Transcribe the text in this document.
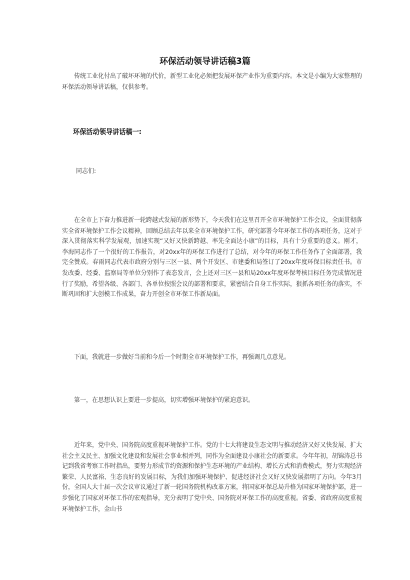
环保活动领导讲话稿3篇

传统工业化付出了破坏环境的代价，新型工业化必须把发展环保产业作为重要内容。本文是小编为大家整理的环保活动领导讲话稿，仅供参考。

环保活动领导讲话稿一:

同志们:

在全市上下奋力推进新一轮跨越式发展的新形势下，今天我们在这里召开全市环境保护工作会议，全面贯彻落实全省环境保护工作会议精神，回顾总结去年以来全市环境保护工作，研究部署今年环保工作的各项任务，这对于深入贯彻落实科学发展观，加速实现“又好又快新跨越、率先全面达小康”的目标，具有十分重要的意义。刚才，李海同志作了一个很好的工作报告，对20xx年的环保工作进行了总结，对今年的环保工作任务作了全面部署，我完全赞成。春雨同志代表市政府分别与三区一县、两个开发区、市建委和局签订了20xx年度环保目标责任书。市发改委、经委、监察局等单位分别作了表态发言，会上还对三区一县和局20xx年度环保考核目标任务完成情况进行了奖励，希望各级、各部门、各单位按照会议的部署和要求，紧密结合自身工作实际，狠抓各项任务的落实，不断巩固和扩大创模工作成果，奋力开创全市环保工作新局面。

下面，我就进一步做好当前和今后一个时期全市环境保护工作，再强调几点意见。

第一，在思想认识上要进一步提高，切实增强环境保护的紧迫意识。

近年来，党中央、国务院高度重视环境保护工作。党的十七大将建设生态文明与推动经济又好又快发展、扩大社会主义民主、加强文化建设和发展社会事业相并列，同作为全面建设小康社会的新要求。今年年初，胡锦涛总书记到我省考察工作时指出，要努力形成节约资源和保护生态环境的产业结构、增长方式和消费模式，努力实现经济繁荣、人民富裕、生态良好的发展目标，为我们加强环境保护、促进经济社会又好又快发展指明了方向。今年3月份，全国人大十届一次会议审议通过了新一轮国务院机构改革方案，将国家环保总局升格为国家环境保护部，进一步强化了国家对环保工作的宏观指导，充分表明了党中央、国务院对环保工作的高度重视。省委、省政府高度重视环境保护工作，金山书
